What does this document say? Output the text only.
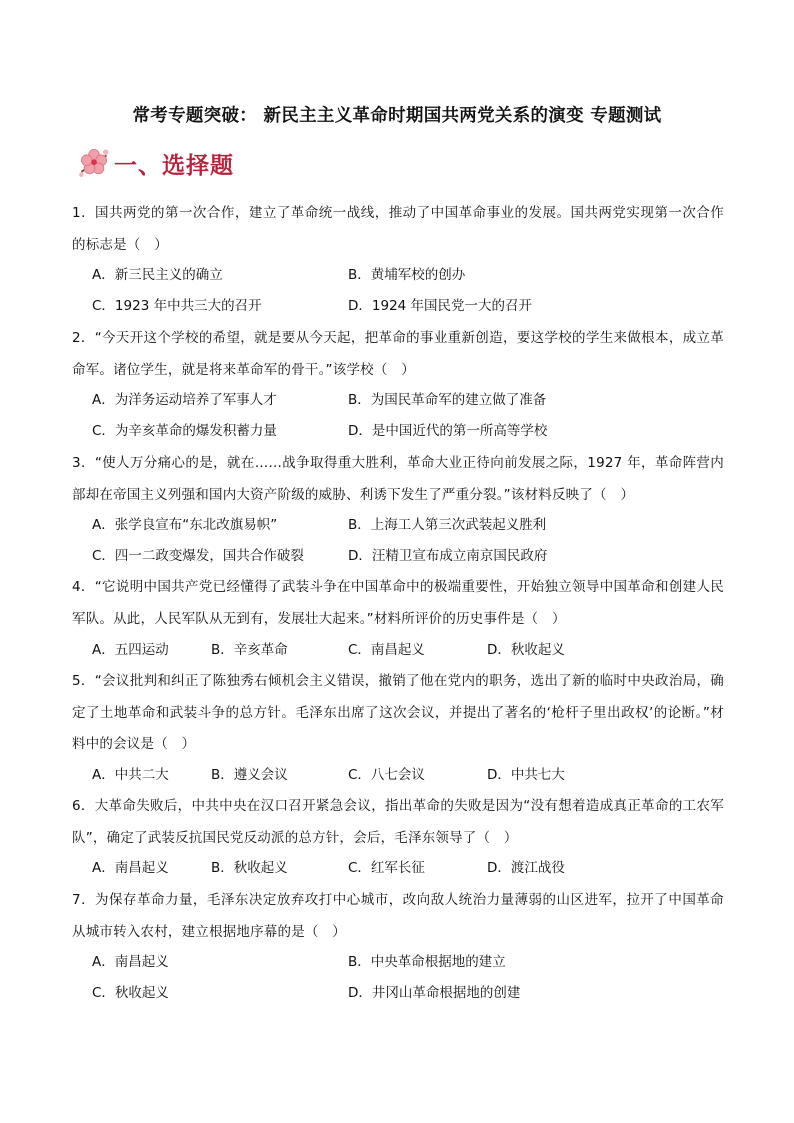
常考专题突破： 新民主主义革命时期国共两党关系的演变 专题测试
一、选择题
1．国共两党的第一次合作，建立了革命统一战线，推动了中国革命事业的发展。国共两党实现第一次合作的标志是（　）
A．新三民主义的确立	B．黄埔军校的创办
C．1923 年中共三大的召开	D．1924 年国民党一大的召开
2．“今天开这个学校的希望，就是要从今天起，把革命的事业重新创造，要这学校的学生来做根本，成立革命军。诸位学生，就是将来革命军的骨干。”该学校（　）
A．为洋务运动培养了军事人才	B．为国民革命军的建立做了准备
C．为辛亥革命的爆发积蓄力量	D．是中国近代的第一所高等学校
3．“使人万分痛心的是，就在……战争取得重大胜利，革命大业正待向前发展之际，1927 年，革命阵营内部却在帝国主义列强和国内大资产阶级的威胁、利诱下发生了严重分裂。”该材料反映了（　）
A．张学良宣布“东北改旗易帜”	B．上海工人第三次武装起义胜利
C．四一二政变爆发，国共合作破裂	D．汪精卫宣布成立南京国民政府
4．“它说明中国共产党已经懂得了武装斗争在中国革命中的极端重要性，开始独立领导中国革命和创建人民军队。从此，人民军队从无到有，发展壮大起来。”材料所评价的历史事件是（　）
A．五四运动	B．辛亥革命	C．南昌起义	D．秋收起义
5．“会议批判和纠正了陈独秀右倾机会主义错误，撤销了他在党内的职务，选出了新的临时中央政治局，确定了土地革命和武装斗争的总方针。毛泽东出席了这次会议，并提出了著名的‘枪杆子里出政权’的论断。”材料中的会议是（　）
A．中共二大	B．遵义会议	C．八七会议	D．中共七大
6．大革命失败后，中共中央在汉口召开紧急会议，指出革命的失败是因为“没有想着造成真正革命的工农军队”，确定了武装反抗国民党反动派的总方针，会后，毛泽东领导了（　）
A．南昌起义	B．秋收起义	C．红军长征	D．渡江战役
7．为保存革命力量，毛泽东决定放弃攻打中心城市，改向敌人统治力量薄弱的山区进军，拉开了中国革命从城市转入农村，建立根据地序幕的是（　）
A．南昌起义	B．中央革命根据地的建立
C．秋收起义	D．井冈山革命根据地的创建
